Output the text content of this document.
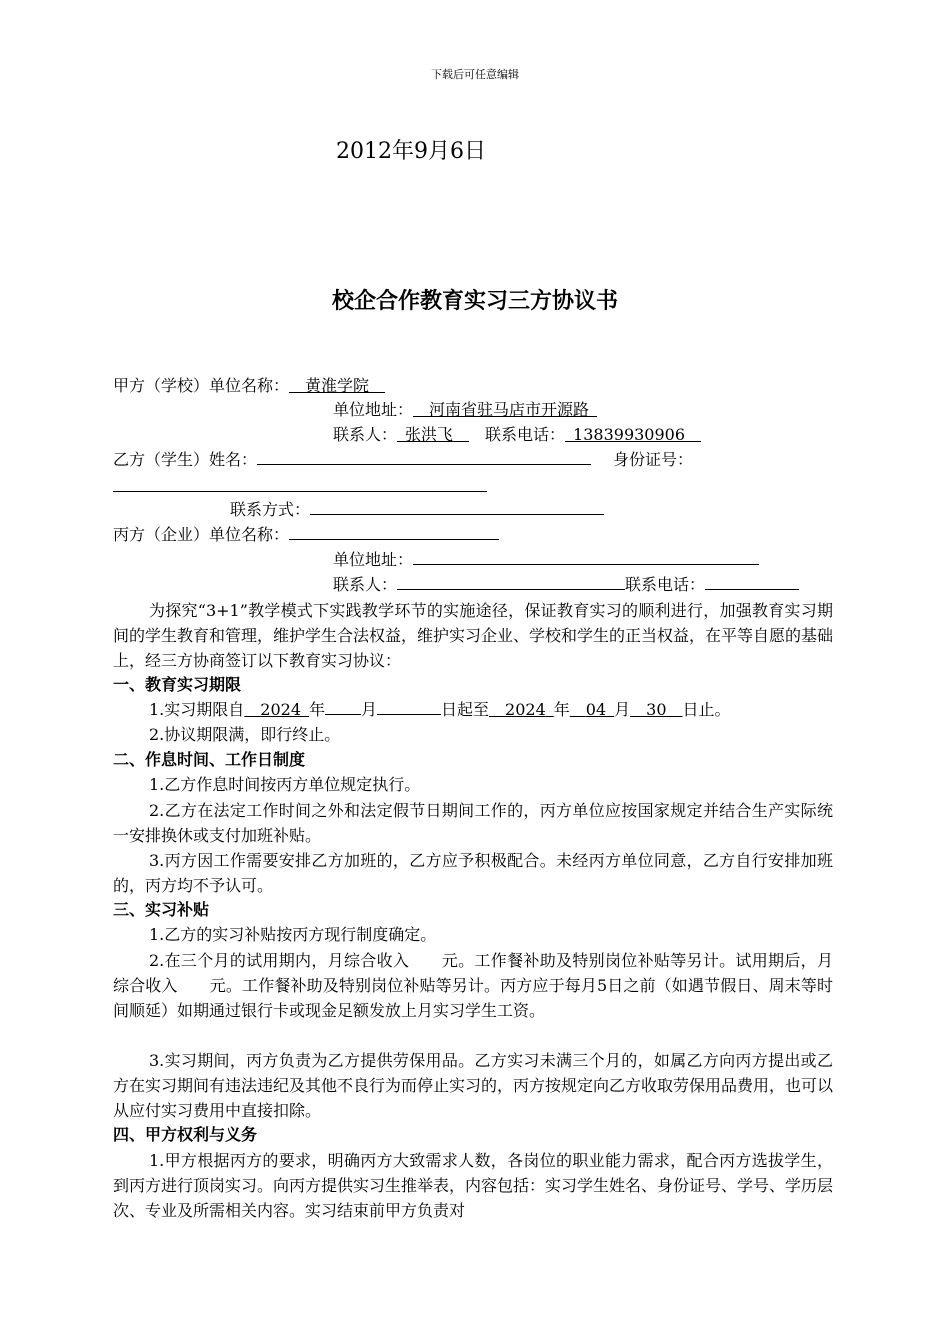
下载后可任意编辑
2012年9月6日
校企合作教育实习三方协议书
甲方（学校）单位名称：   黄淮学院  
单位地址：   河南省驻马店市开源路 
联系人：  张洪飞     联系电话：  13839930906  
乙方（学生）姓名：	身份证号：
联系方式：
丙方（企业）单位名称：
单位地址：
联系人：	联系电话：
为探究“3+1”教学模式下实践教学环节的实施途径，保证教育实习的顺利进行，加强教育实习期间的学生教育和管理，维护学生合法权益，维护实习企业、学校和学生的正当权益，在平等自愿的基础上，经三方协商签订以下教育实习协议：
一、教育实习期限
1.实习期限自   2024  年 月	日起至   2024  年   04  月   30   日止。
2.协议期限满，即行终止。
二、作息时间、工作日制度
1.乙方作息时间按丙方单位规定执行。
2.乙方在法定工作时间之外和法定假节日期间工作的，丙方单位应按国家规定并结合生产实际统一安排换休或支付加班补贴。
3.丙方因工作需要安排乙方加班的，乙方应予积极配合。未经丙方单位同意，乙方自行安排加班的，丙方均不予认可。
三、实习补贴
1.乙方的实习补贴按丙方现行制度确定。
2.在三个月的试用期内，月综合收入　　元。工作餐补助及特别岗位补贴等另计。试用期后，月综合收入　　元。工作餐补助及特别岗位补贴等另计。丙方应于每月5日之前（如遇节假日、周末等时间顺延）如期通过银行卡或现金足额发放上月实习学生工资。
3.实习期间，丙方负责为乙方提供劳保用品。乙方实习未满三个月的，如属乙方向丙方提出或乙方在实习期间有违法违纪及其他不良行为而停止实习的，丙方按规定向乙方收取劳保用品费用，也可以从应付实习费用中直接扣除。
四、甲方权利与义务
1.甲方根据丙方的要求，明确丙方大致需求人数，各岗位的职业能力需求，配合丙方选拔学生，到丙方进行顶岗实习。向丙方提供实习生推举表，内容包括：实习学生姓名、身份证号、学号、学历层次、专业及所需相关内容。实习结束前甲方负责对
